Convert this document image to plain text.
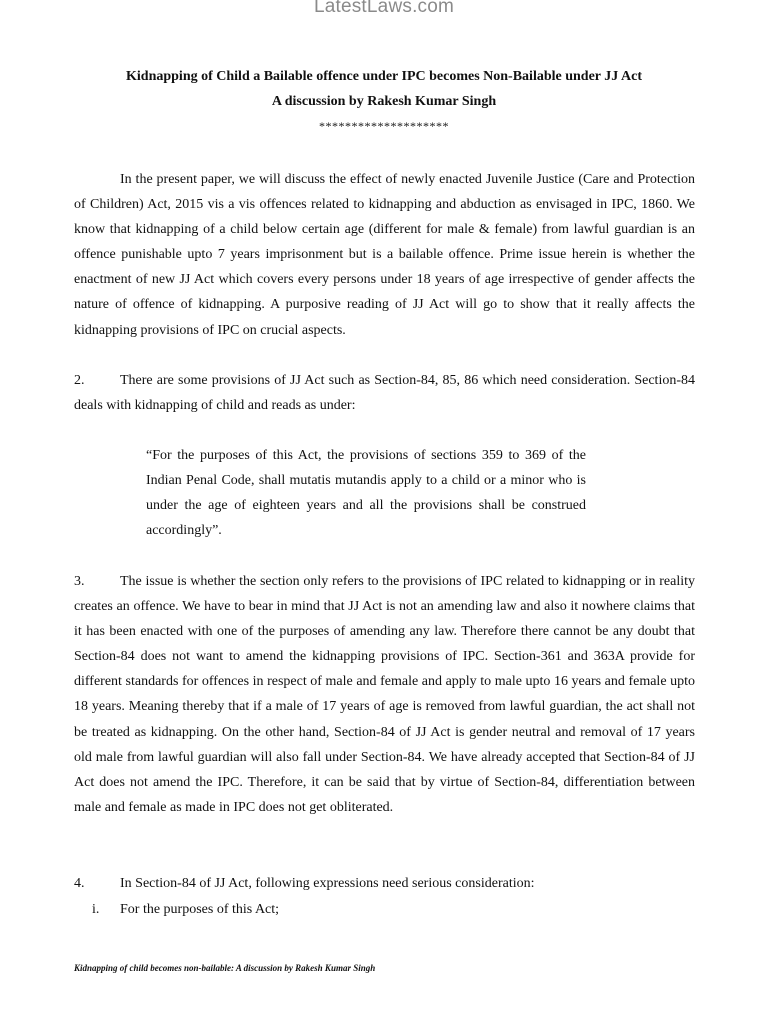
LatestLaws.com
Kidnapping of Child a Bailable offence under IPC becomes Non-Bailable under JJ Act
A discussion by Rakesh Kumar Singh
********************
In the present paper, we will discuss the effect of newly enacted Juvenile Justice (Care and Protection of Children) Act, 2015 vis a vis offences related to kidnapping and abduction as envisaged in IPC, 1860. We know that kidnapping of a child below certain age (different for male & female) from lawful guardian is an offence punishable upto 7 years imprisonment but is a bailable offence. Prime issue herein is whether the enactment of new JJ Act which covers every persons under 18 years of age irrespective of gender affects the nature of offence of kidnapping. A purposive reading of JJ Act will go to show that it really affects the kidnapping provisions of IPC on crucial aspects.
2.	There are some provisions of JJ Act such as Section-84, 85, 86 which need consideration. Section-84 deals with kidnapping of child and reads as under:
“For the purposes of this Act, the provisions of sections 359 to 369 of the Indian Penal Code, shall mutatis mutandis apply to a child or a minor who is under the age of eighteen years and all the provisions shall be construed accordingly”.
3.	The issue is whether the section only refers to the provisions of IPC related to kidnapping or in reality creates an offence. We have to bear in mind that JJ Act is not an amending law and also it nowhere claims that it has been enacted with one of the purposes of amending any law. Therefore there cannot be any doubt that Section-84 does not want to amend the kidnapping provisions of IPC. Section-361 and 363A provide for different standards for offences in respect of male and female and apply to male upto 16 years and female upto 18 years. Meaning thereby that if a male of 17 years of age is removed from lawful guardian, the act shall not be treated as kidnapping. On the other hand, Section-84 of JJ Act is gender neutral and removal of 17 years old male from lawful guardian will also fall under Section-84. We have already accepted that Section-84 of JJ Act does not amend the IPC. Therefore, it can be said that by virtue of Section-84, differentiation between male and female as made in IPC does not get obliterated.
4.	In Section-84 of JJ Act, following expressions need serious consideration:
i. For the purposes of this Act;
Kidnapping of child becomes non-bailable: A discussion by Rakesh Kumar Singh
